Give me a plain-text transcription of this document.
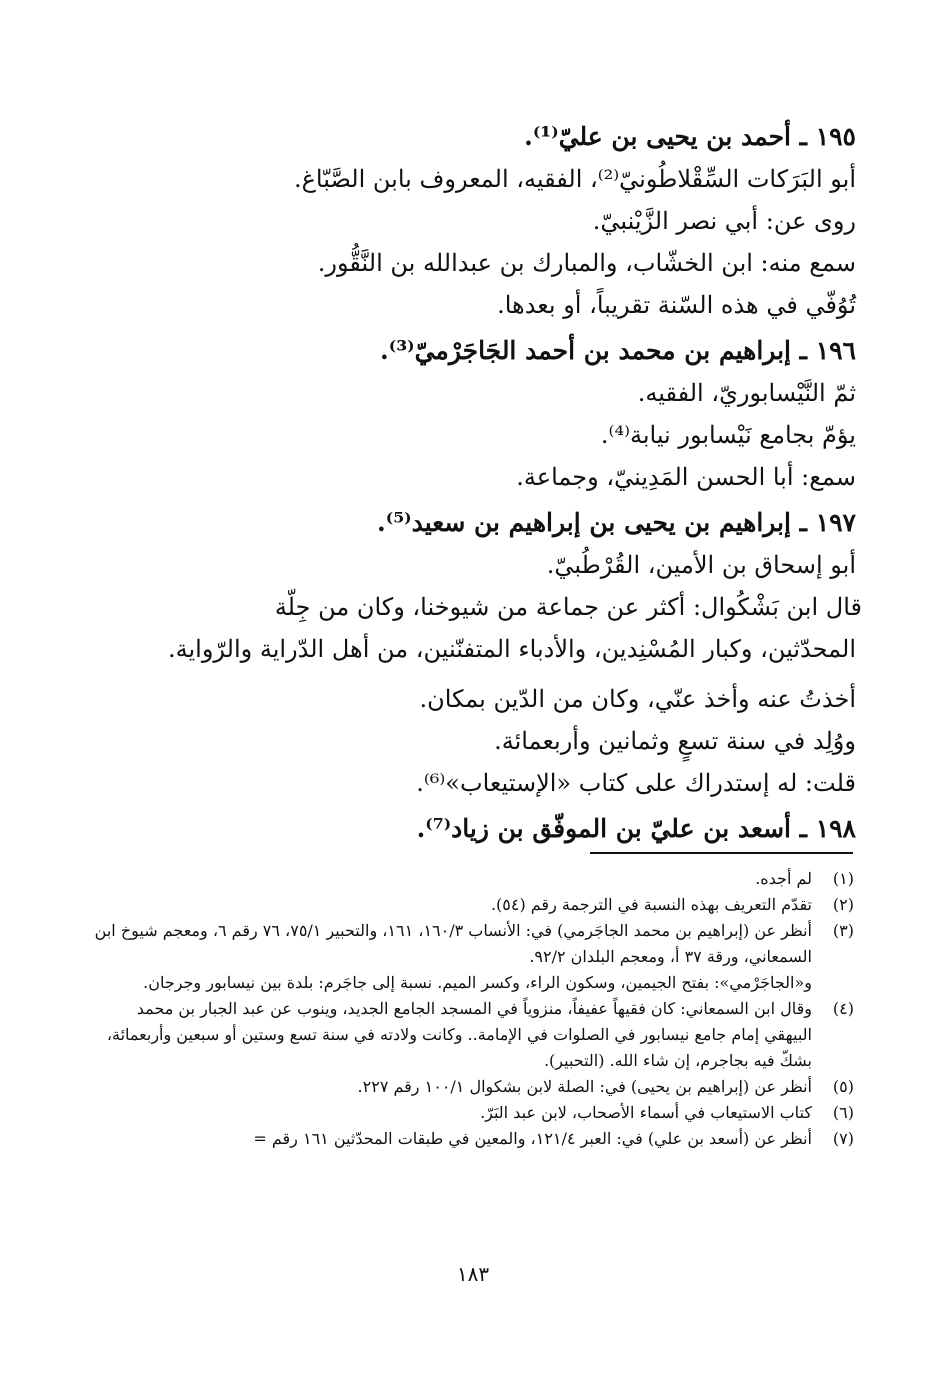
١٩٥ ـ أحمد بن يحيى بن عليّ⁽¹⁾.
أبو البَرَكات السِّقْلاطُونيّ⁽²⁾، الفقيه، المعروف بابن الصَّبّاغ.
روى عن: أبي نصر الزَّيْنبيّ.
سمع منه: ابن الخشّاب، والمبارك بن عبدالله بن النَّقُّور.
تُوُفّي في هذه السّنة تقريباً، أو بعدها.
١٩٦ ـ إبراهيم بن محمد بن أحمد الجَاجَرْميّ⁽³⁾.
ثمّ النَّيْسابوريّ، الفقيه.
يؤمّ بجامع نَيْسابور نيابة⁽⁴⁾.
سمع: أبا الحسن المَدِينيّ، وجماعة.
١٩٧ ـ إبراهيم بن يحيى بن إبراهيم بن سعيد⁽⁵⁾.
أبو إسحاق بن الأمين، القُرْطُبيّ.
قال ابن بَشْكُوال: أكثر عن جماعة من شيوخنا، وكان من جِلّة
المحدّثين، وكبار المُسْنِدين، والأدباء المتفنّنين، من أهل الدّراية والرّواية.
أخذتُ عنه وأخذ عنّي، وكان من الدّين بمكان.
ووُلِد في سنة تسعٍ وثمانين وأربعمائة.
قلت: له إستدراك على كتاب «الإستيعاب»⁽⁶⁾.
١٩٨ ـ أسعد بن عليّ بن الموفّق بن زياد⁽⁷⁾.
(١)

لم أجده.

(٢)

تقدّم التعريف بهذه النسبة في الترجمة رقم (٥٤).

(٣)

أنظر عن (إبراهيم بن محمد الجاجَرمي) في: الأنساب ١٦٠/٣، ١٦١، والتحبير ٧٥/١، ٧٦ رقم ٦، ومعجم شيوخ ابن السمعاني، ورقة ٣٧ أ، ومعجم البلدان ٩٢/٢.

و«الجاجَرْمي»: بفتح الجيمين، وسكون الراء، وكسر الميم. نسبة إلى جاجَرم: بلدة بين نيسابور وجرجان.

(٤)

وقال ابن السمعاني: كان فقيهاً عفيفاً، منزوياً في المسجد الجامع الجديد، وينوب عن عبد الجبار بن محمد البيهقي إمام جامع نيسابور في الصلوات في الإمامة.. وكانت ولادته في سنة تسع وستين أو سبعين وأربعمائة، بشكّ فيه بجاجرم، إن شاء الله. (التحبير).

(٥)

أنظر عن (إبراهيم بن يحيى) في: الصلة لابن بشكوال ١٠٠/١ رقم ٢٢٧.

(٦)

كتاب الاستيعاب في أسماء الأصحاب، لابن عبد البَرّ.

(٧)

أنظر عن (أسعد بن علي) في: العبر ١٢١/٤، والمعين في طبقات المحدّثين ١٦١ رقم =

١٨٣
